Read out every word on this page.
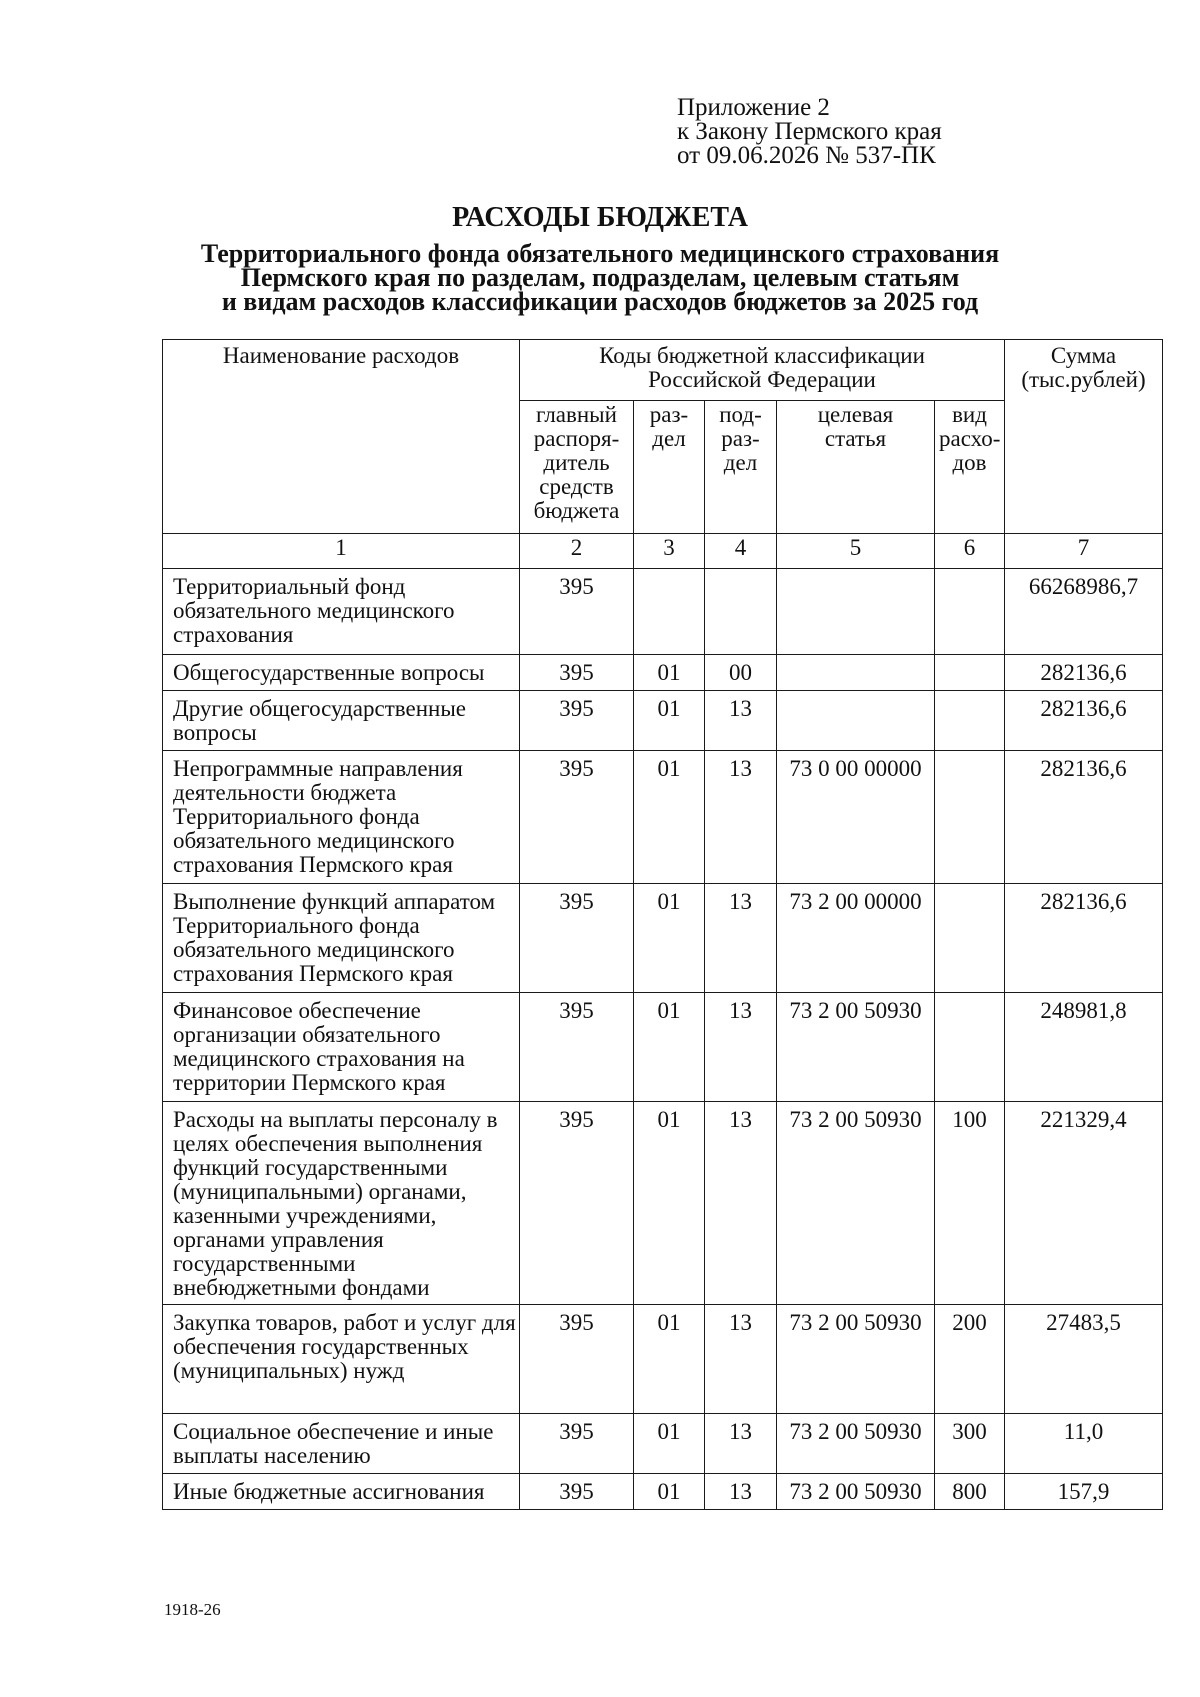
Приложение 2
к Закону Пермского края
от 09.06.2026 № 537-ПК
РАСХОДЫ БЮДЖЕТА
Территориального фонда обязательного медицинского страхования
Пермского края по разделам, подразделам, целевым статьям
и видам расходов классификации расходов бюджетов за 2025 год
Наименование расходов	Коды бюджетной классификации Российской Федерации					Сумма (тыс.рублей)
	главный распоря-дитель средств бюджета	раз-дел	под-раз-дел	целевая статья	вид расхо-дов	
1	2	3	4	5	6	7
Территориальный фонд обязательного медицинского страхования	395					66268986,7
Общегосударственные вопросы	395	01	00			282136,6
Другие общегосударственные вопросы	395	01	13			282136,6
Непрограммные направления деятельности бюджета Территориального фонда обязательного медицинского страхования Пермского края	395	01	13	73 0 00 00000		282136,6
Выполнение функций аппаратом Территориального фонда обязательного медицинского страхования Пермского края	395	01	13	73 2 00 00000		282136,6
Финансовое обеспечение организации обязательного медицинского страхования на территории Пермского края	395	01	13	73 2 00 50930		248981,8
Расходы на выплаты персоналу в целях обеспечения выполнения функций государственными (муниципальными) органами, казенными учреждениями, органами управления государственными внебюджетными фондами	395	01	13	73 2 00 50930	100	221329,4
Закупка товаров, работ и услуг для обеспечения государственных (муниципальных) нужд	395	01	13	73 2 00 50930	200	27483,5
Социальное обеспечение и иные выплаты населению	395	01	13	73 2 00 50930	300	11,0
Иные бюджетные ассигнования	395	01	13	73 2 00 50930	800	157,9
1918-26
